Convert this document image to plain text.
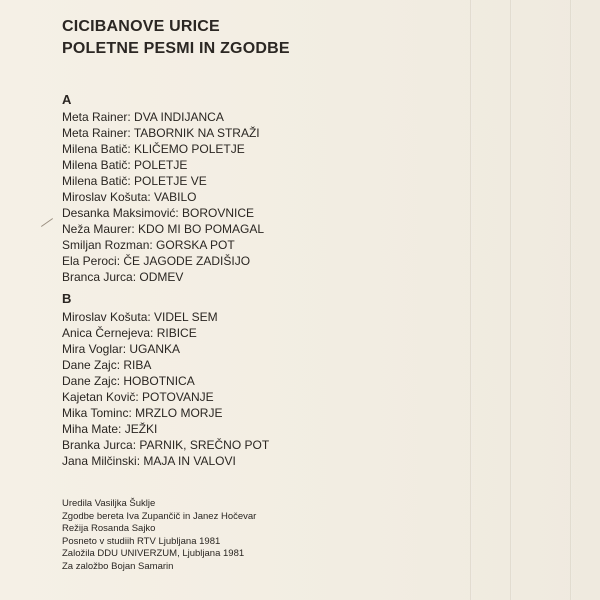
CICIBANOVE URICE
POLETNE PESMI IN ZGODBE
A
Meta Rainer: DVA INDIJANCA
Meta Rainer: TABORNIK NA STRAŽI
Milena Batič: KLIČEMO POLETJE
Milena Batič: POLETJE
Milena Batič: POLETJE VE
Miroslav Košuta: VABILO
Desanka Maksimović: BOROVNICE
Neža Maurer: KDO MI BO POMAGAL
Smiljan Rozman: GORSKA POT
Ela Peroci: ČE JAGODE ZADIŠIJO
Branca Jurca: ODMEV
B
Miroslav Košuta: VIDEL SEM
Anica Černejeva: RIBICE
Mira Voglar: UGANKA
Dane Zajc: RIBA
Dane Zajc: HOBOTNICA
Kajetan Kovič: POTOVANJE
Mika Tominc: MRZLO MORJE
Miha Mate: JEŽKI
Branka Jurca: PARNIK, SREČNO POT
Jana Milčinski: MAJA IN VALOVI
Uredila Vasiljka Šuklje
Zgodbe bereta Iva Zupančič in Janez Hočevar
Režija Rosanda Sajko
Posneto v studiih RTV Ljubljana 1981
Založila DDU UNIVERZUM, Ljubljana 1981
Za založbo Bojan Samarin
